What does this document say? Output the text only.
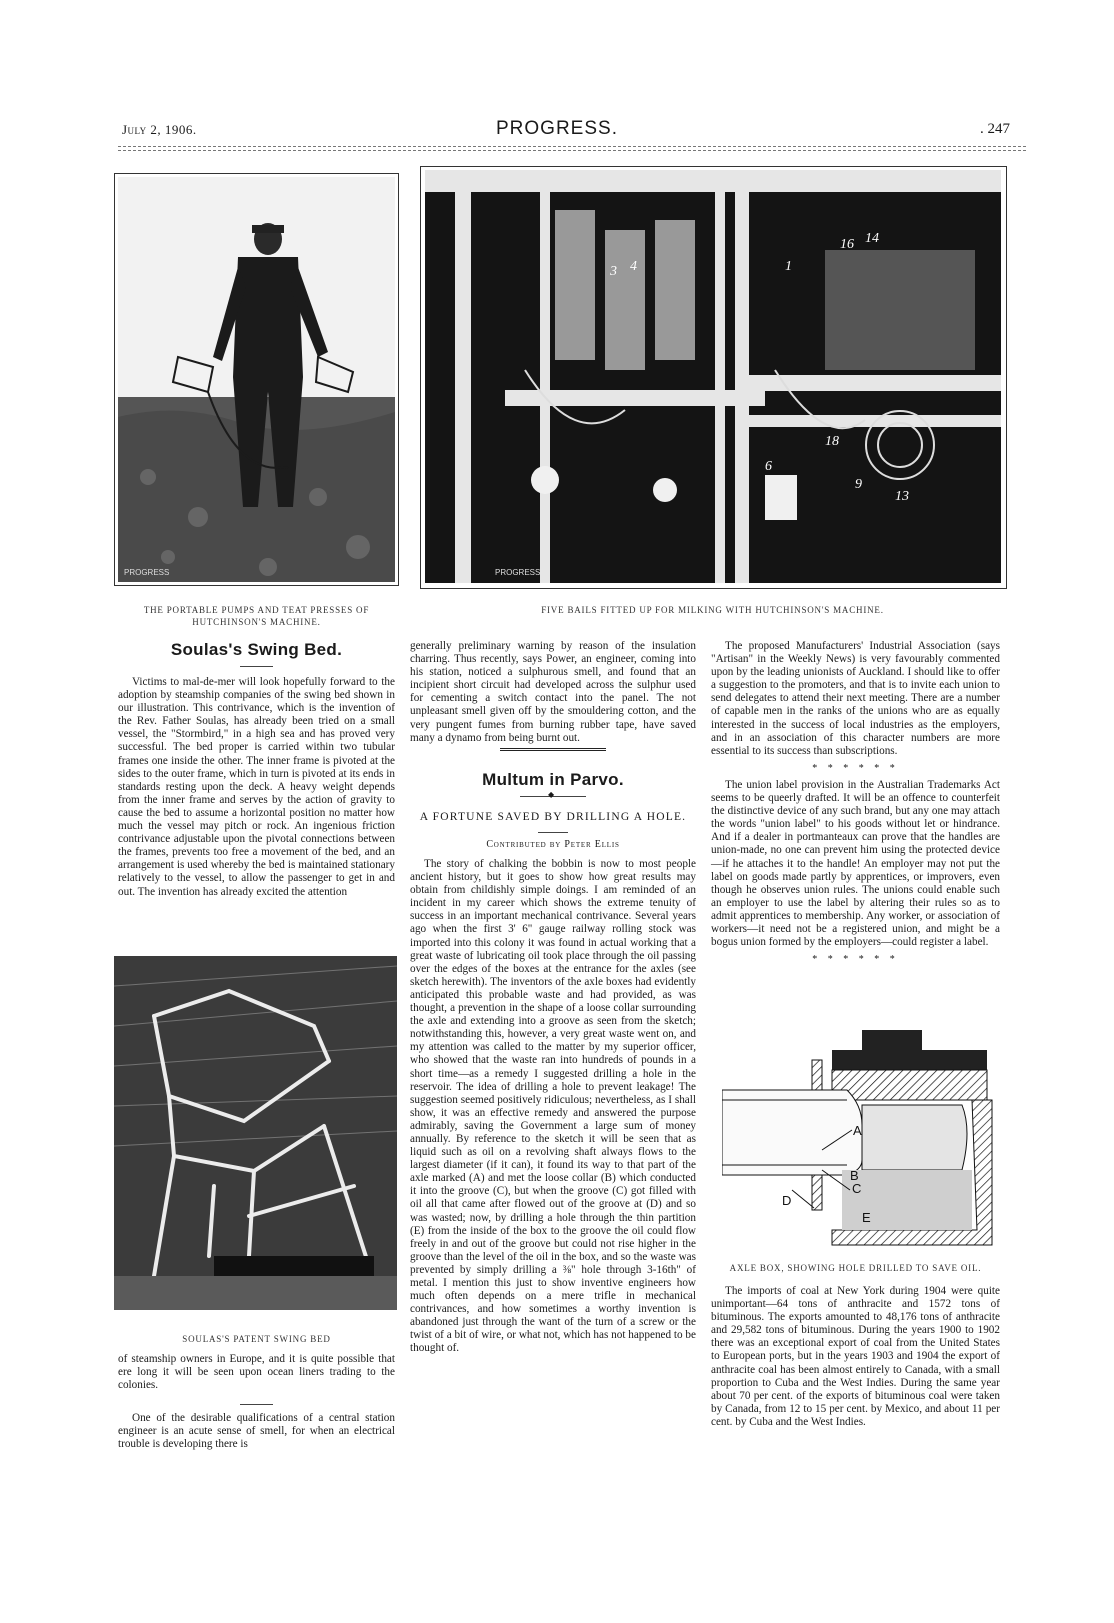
July 2, 1906.	PROGRESS.	. 247
PROGRESS
THE PORTABLE PUMPS AND TEAT PRESSES OF HUTCHINSON'S MACHINE.
3 4	1
16 14
6
9
13
18
PROGRESS
FIVE BAILS FITTED UP FOR MILKING WITH HUTCHINSON'S MACHINE.
Soulas's Swing Bed.

Victims to mal-de-mer will look hopefully forward to the adoption by steamship companies of the swing bed shown in our illustration. This contrivance, which is the invention of the Rev. Father Soulas, has already been tried on a small vessel, the "Stormbird," in a high sea and has proved very successful. The bed proper is carried within two tubular frames one inside the other. The inner frame is pivoted at the sides to the outer frame, which in turn is pivoted at its ends in standards resting upon the deck. A heavy weight depends from the inner frame and serves by the action of gravity to cause the bed to assume a horizontal position no matter how much the vessel may pitch or rock. An ingenious friction contrivance adjustable upon the pivotal connections between the frames, prevents too free a movement of the bed, and an arrangement is used whereby the bed is maintained stationary relatively to the vessel, to allow the passenger to get in and out. The invention has already excited the attention

SOULAS'S PATENT SWING BED

of steamship owners in Europe, and it is quite possible that ere long it will be seen upon ocean liners trading to the colonies.

One of the desirable qualifications of a central station engineer is an acute sense of smell, for when an electrical trouble is developing there is

generally preliminary warning by reason of the insulation charring. Thus recently, says Power, an engineer, coming into his station, noticed a sulphurous smell, and found that an incipient short circuit had developed across the sulphur used for cementing a switch contact into the panel. The not unpleasant smell given off by the smouldering cotton, and the very pungent fumes from burning rubber tape, have saved many a dynamo from being burnt out.

Multum in Parvo.
◆
A FORTUNE SAVED BY DRILLING A HOLE.
Contributed by Peter Ellis

The story of chalking the bobbin is now to most people ancient history, but it goes to show how great results may obtain from childishly simple doings. I am reminded of an incident in my career which shows the extreme tenuity of success in an important mechanical contrivance. Several years ago when the first 3' 6" gauge railway rolling stock was imported into this colony it was found in actual working that a great waste of lubricating oil took place through the oil passing over the edges of the boxes at the entrance for the axles (see sketch herewith). The inventors of the axle boxes had evidently anticipated this probable waste and had provided, as was thought, a prevention in the shape of a loose collar surrounding the axle and extending into a groove as seen from the sketch; notwithstanding this, however, a very great waste went on, and my attention was called to the matter by my superior officer, who showed that the waste ran into hundreds of pounds in a short time—as a remedy I suggested drilling a hole in the reservoir. The idea of drilling a hole to prevent leakage! The suggestion seemed positively ridiculous; nevertheless, as I shall show, it was an effective remedy and answered the purpose admirably, saving the Government a large sum of money annually. By reference to the sketch it will be seen that as liquid such as oil on a revolving shaft always flows to the largest diameter (if it can), it found its way to that part of the axle marked (A) and met the loose collar (B) which conducted it into the groove (C), but when the groove (C) got filled with oil all that came after flowed out of the groove at (D) and so was wasted; now, by drilling a hole through the thin partition (E) from the inside of the box to the groove the oil could flow freely in and out of the groove but could not rise higher in the groove than the level of the oil in the box, and so the waste was prevented by simply drilling a ⅜" hole through 3-16th" of metal. I mention this just to show inventive engineers how much often depends on a mere trifle in mechanical contrivances, and how sometimes a worthy invention is abandoned just through the want of the turn of a screw or the twist of a bit of wire, or what not, which has not happened to be thought of.

The proposed Manufacturers' Industrial Association (says "Artisan" in the Weekly News) is very favourably commented upon by the leading unionists of Auckland. I should like to offer a suggestion to the promoters, and that is to invite each union to send delegates to attend their next meeting. There are a number of capable men in the ranks of the unions who are as equally interested in the success of local industries as the employers, and in an association of this character numbers are more essential to its success than subscriptions.

* * * * * *

The union label provision in the Australian Trademarks Act seems to be queerly drafted. It will be an offence to counterfeit the distinctive device of any such brand, but any one may attach the words "union label" to his goods without let or hindrance. And if a dealer in portmanteaux can prove that the handles are union-made, no one can prevent him using the protected device—if he attaches it to the handle! An employer may not put the label on goods made partly by apprentices, or improvers, even though he observes union rules. The unions could enable such an employer to use the label by altering their rules so as to admit apprentices to membership. Any worker, or association of workers—it need not be a registered union, and might be a bogus union formed by the employers—could register a label.

* * * * * *
A
B
C
D
E
AXLE BOX, SHOWING HOLE DRILLED TO SAVE OIL.

The imports of coal at New York during 1904 were quite unimportant—64 tons of anthracite and 1572 tons of bituminous. The exports amounted to 48,176 tons of anthracite and 29,582 tons of bituminous. During the years 1900 to 1902 there was an exceptional export of coal from the United States to European ports, but in the years 1903 and 1904 the export of anthracite coal has been almost entirely to Canada, with a small proportion to Cuba and the West Indies. During the same year about 70 per cent. of the exports of bituminous coal were taken by Canada, from 12 to 15 per cent. by Mexico, and about 11 per cent. by Cuba and the West Indies.
